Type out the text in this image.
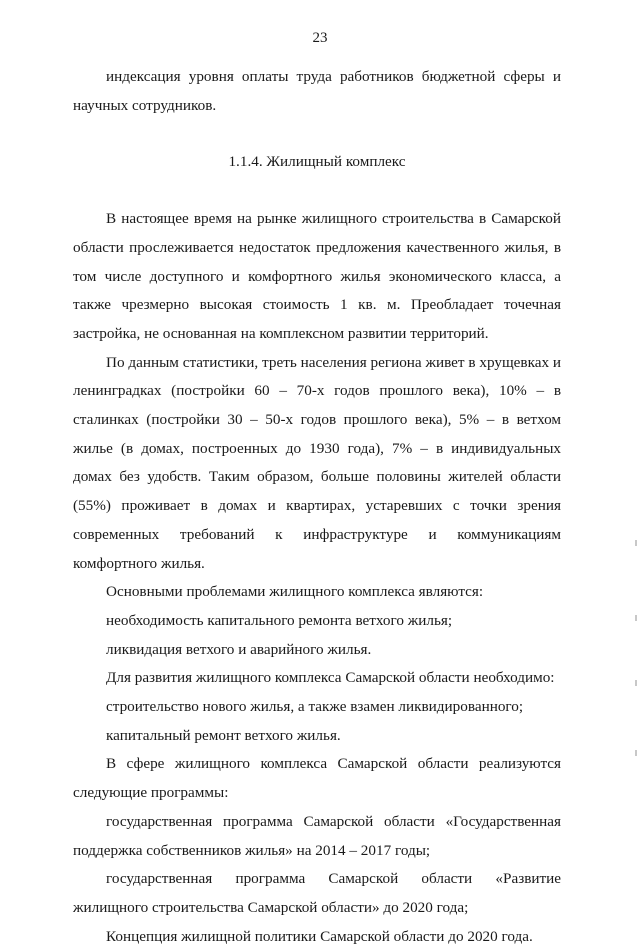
23

индексация уровня оплаты труда работников бюджетной сферы и научных сотрудников.

1.1.4. Жилищный комплекс

В настоящее время на рынке жилищного строительства в Самарской области прослеживается недостаток предложения качественного жилья, в том числе доступного и комфортного жилья экономического класса, а также чрезмерно высокая стоимость 1 кв. м. Преобладает точечная застройка, не основанная на комплексном развитии территорий.

По данным статистики, треть населения региона живет в хрущевках и ленинградках (постройки 60 – 70-х годов прошлого века), 10% – в сталинках (постройки 30 – 50-х годов прошлого века), 5% – в ветхом жилье (в домах, построенных до 1930 года), 7% – в индивидуальных домах без удобств. Таким образом, больше половины жителей области (55%) проживает в домах и квартирах, устаревших с точки зрения современных требований к инфраструктуре и коммуникациям комфортного жилья.

Основными проблемами жилищного комплекса являются:

необходимость капитального ремонта ветхого жилья;

ликвидация ветхого и аварийного жилья.

Для развития жилищного комплекса Самарской области необходимо:

строительство нового жилья, а также взамен ликвидированного;

капитальный ремонт ветхого жилья.

В сфере жилищного комплекса Самарской области реализуются следующие программы:

государственная программа Самарской области «Государственная поддержка собственников жилья» на 2014 – 2017 годы;

государственная программа Самарской области «Развитие жилищного строительства Самарской области» до 2020 года;

Концепция жилищной политики Самарской области до 2020 года.
